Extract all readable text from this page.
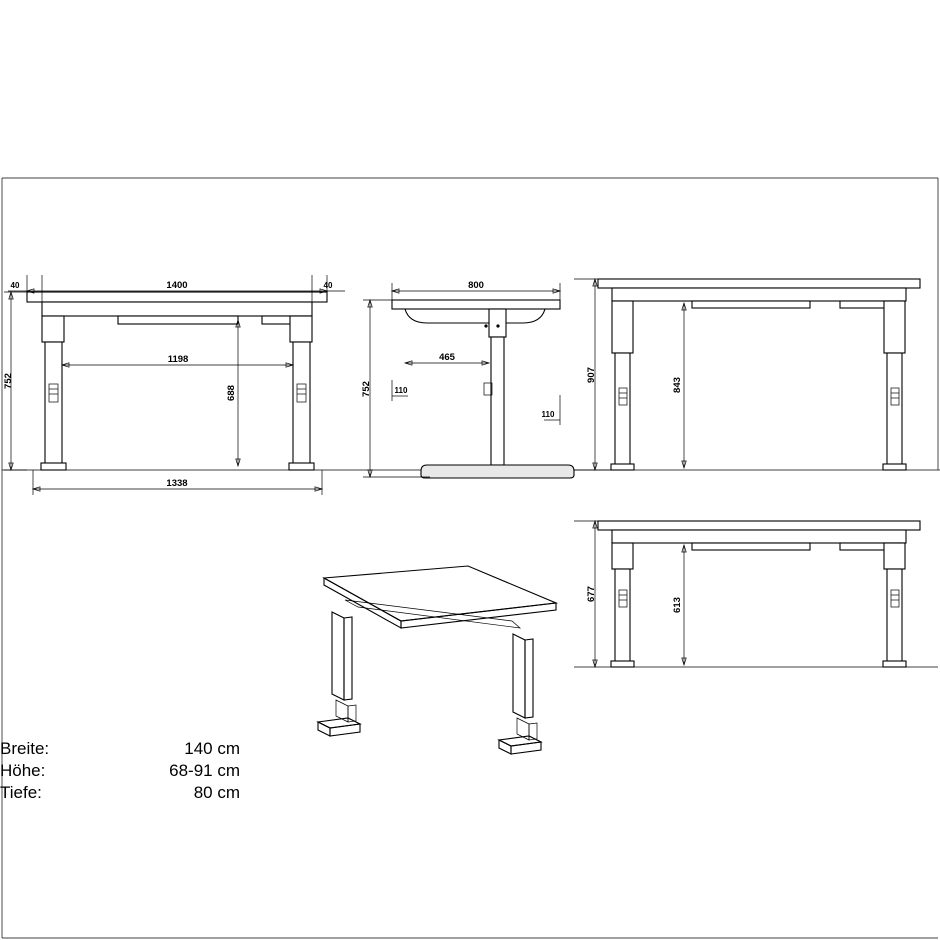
1400
40	40
752
1198
688
1338
800
752
465
110
110
907
843
677
613
Breite:	140 cm
Höhe:	68-91 cm
Tiefe:	80 cm
